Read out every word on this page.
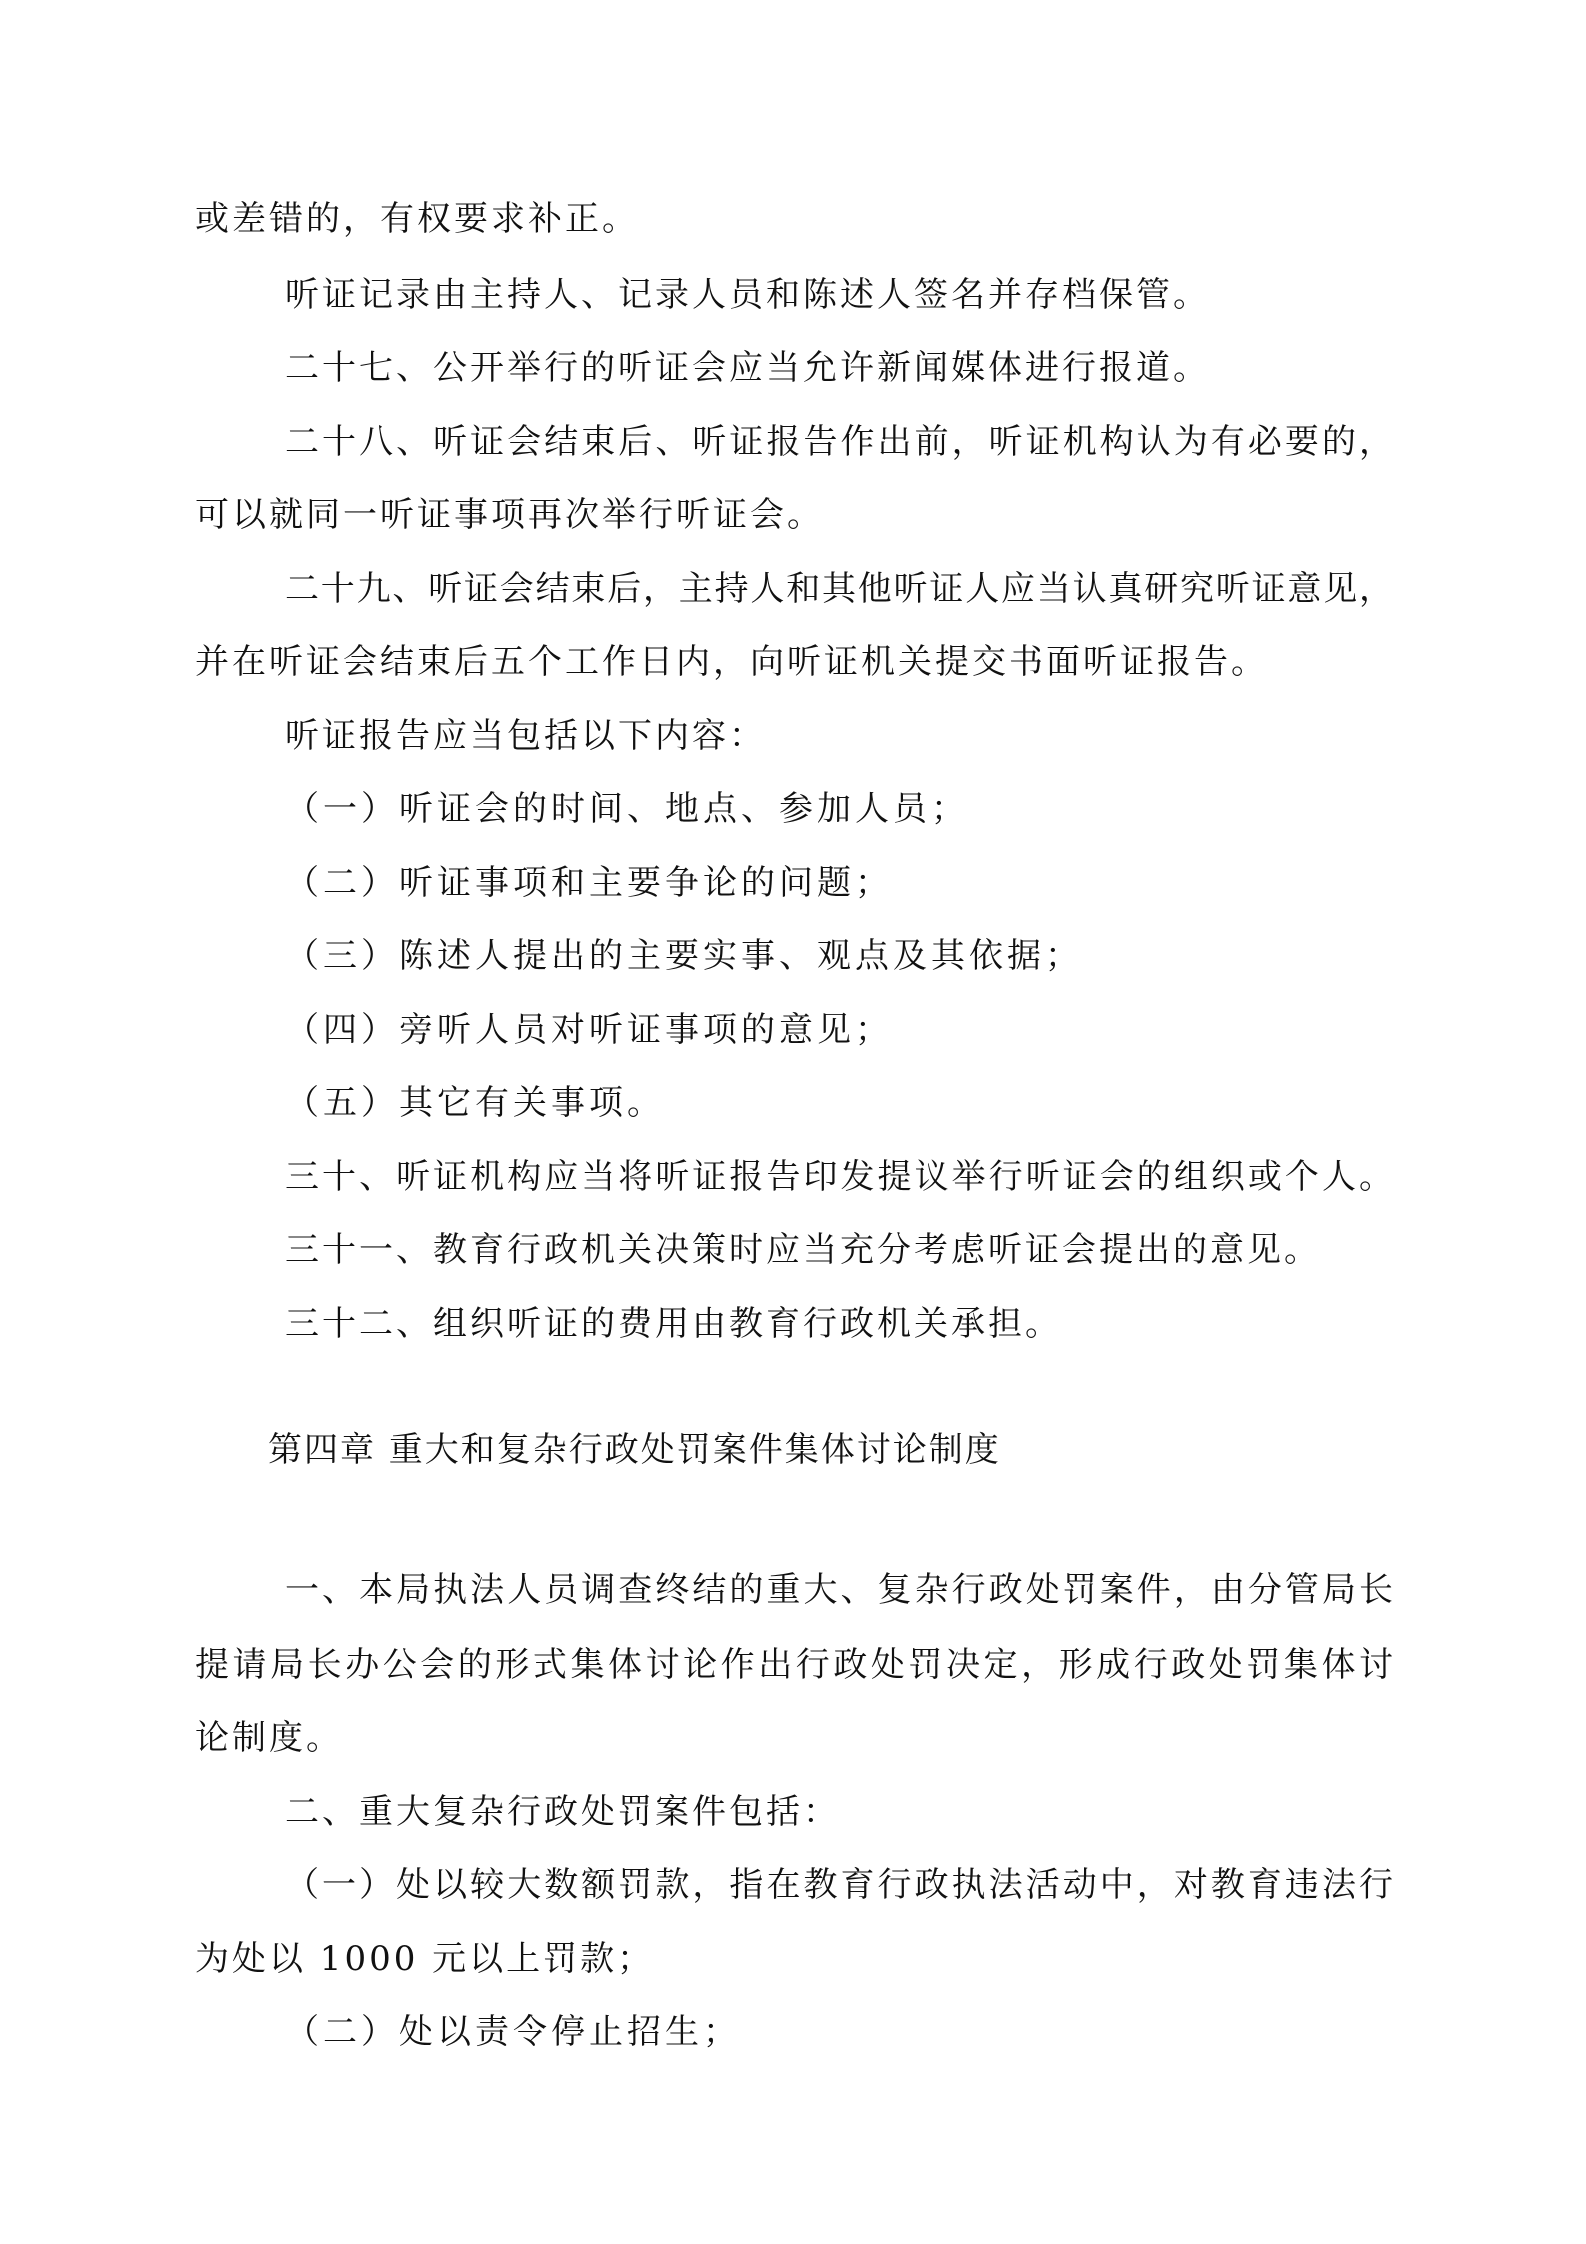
或差错的，有权要求补正。
听证记录由主持人、记录人员和陈述人签名并存档保管。
二十七、公开举行的听证会应当允许新闻媒体进行报道。
二十八、听证会结束后、听证报告作出前，听证机构认为有必要的，
可以就同一听证事项再次举行听证会。
二十九、听证会结束后，主持人和其他听证人应当认真研究听证意见，
并在听证会结束后五个工作日内，向听证机关提交书面听证报告。
听证报告应当包括以下内容：
（一）听证会的时间、地点、参加人员；
（二）听证事项和主要争论的问题；
（三）陈述人提出的主要实事、观点及其依据；
（四）旁听人员对听证事项的意见；
（五）其它有关事项。
三十、听证机构应当将听证报告印发提议举行听证会的组织或个人。
三十一、教育行政机关决策时应当充分考虑听证会提出的意见。
三十二、组织听证的费用由教育行政机关承担。
第四章 重大和复杂行政处罚案件集体讨论制度
一、本局执法人员调查终结的重大、复杂行政处罚案件，由分管局长
提请局长办公会的形式集体讨论作出行政处罚决定，形成行政处罚集体讨
论制度。
二、重大复杂行政处罚案件包括：
（一）处以较大数额罚款，指在教育行政执法活动中，对教育违法行
为处以 1000 元以上罚款；
（二）处以责令停止招生；
